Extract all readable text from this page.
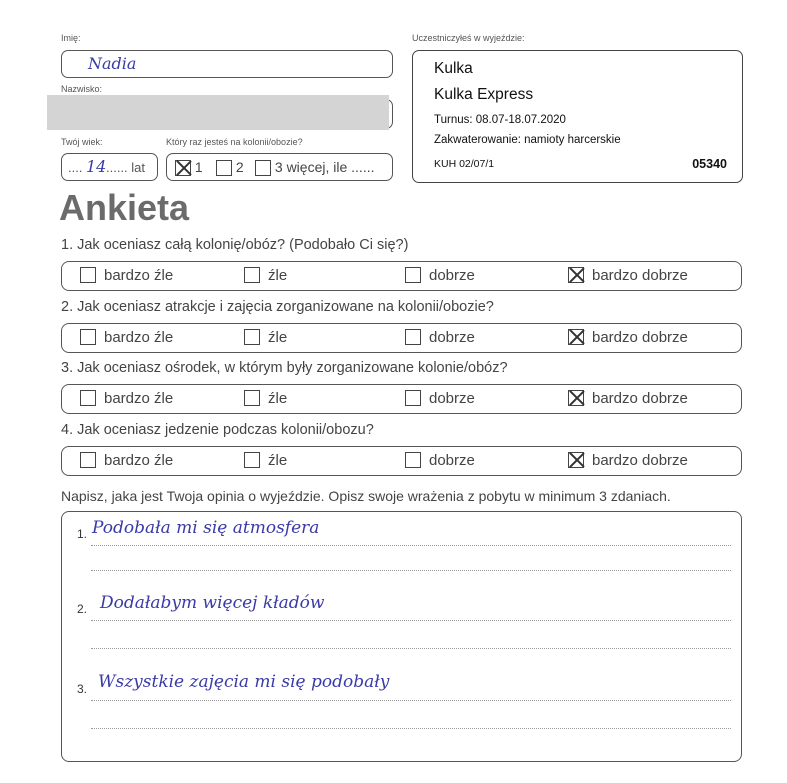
Imię:
Nadia
Nazwisko:
Twój wiek:
.... 14 ...... lat
Który raz jesteś na kolonii/obozie?
1	2	3 więcej, ile ......
Uczestniczyłeś w wyjeździe:
Kulka
Kulka Express
Turnus: 08.07-18.07.2020
Zakwaterowanie: namioty harcerskie
KUH 02/07/1	05340
Ankieta
1. Jak oceniasz całą kolonię/obóz? (Podobało Ci się?)
bardzo źle	źle	dobrze	bardzo dobrze
2. Jak oceniasz atrakcje i zajęcia zorganizowane na kolonii/obozie?
bardzo źle	źle	dobrze	bardzo dobrze
3. Jak oceniasz ośrodek, w którym były zorganizowane kolonie/obóz?
bardzo źle	źle	dobrze	bardzo dobrze
4. Jak oceniasz jedzenie podczas kolonii/obozu?
bardzo źle	źle	dobrze	bardzo dobrze
Napisz, jaka jest Twoja opinia o wyjeździe. Opisz swoje wrażenia z pobytu w minimum 3 zdaniach.
1. Podobała mi się atmosfera
2. Dodałabym więcej kładów
3. Wszystkie zajęcia mi się podobały
